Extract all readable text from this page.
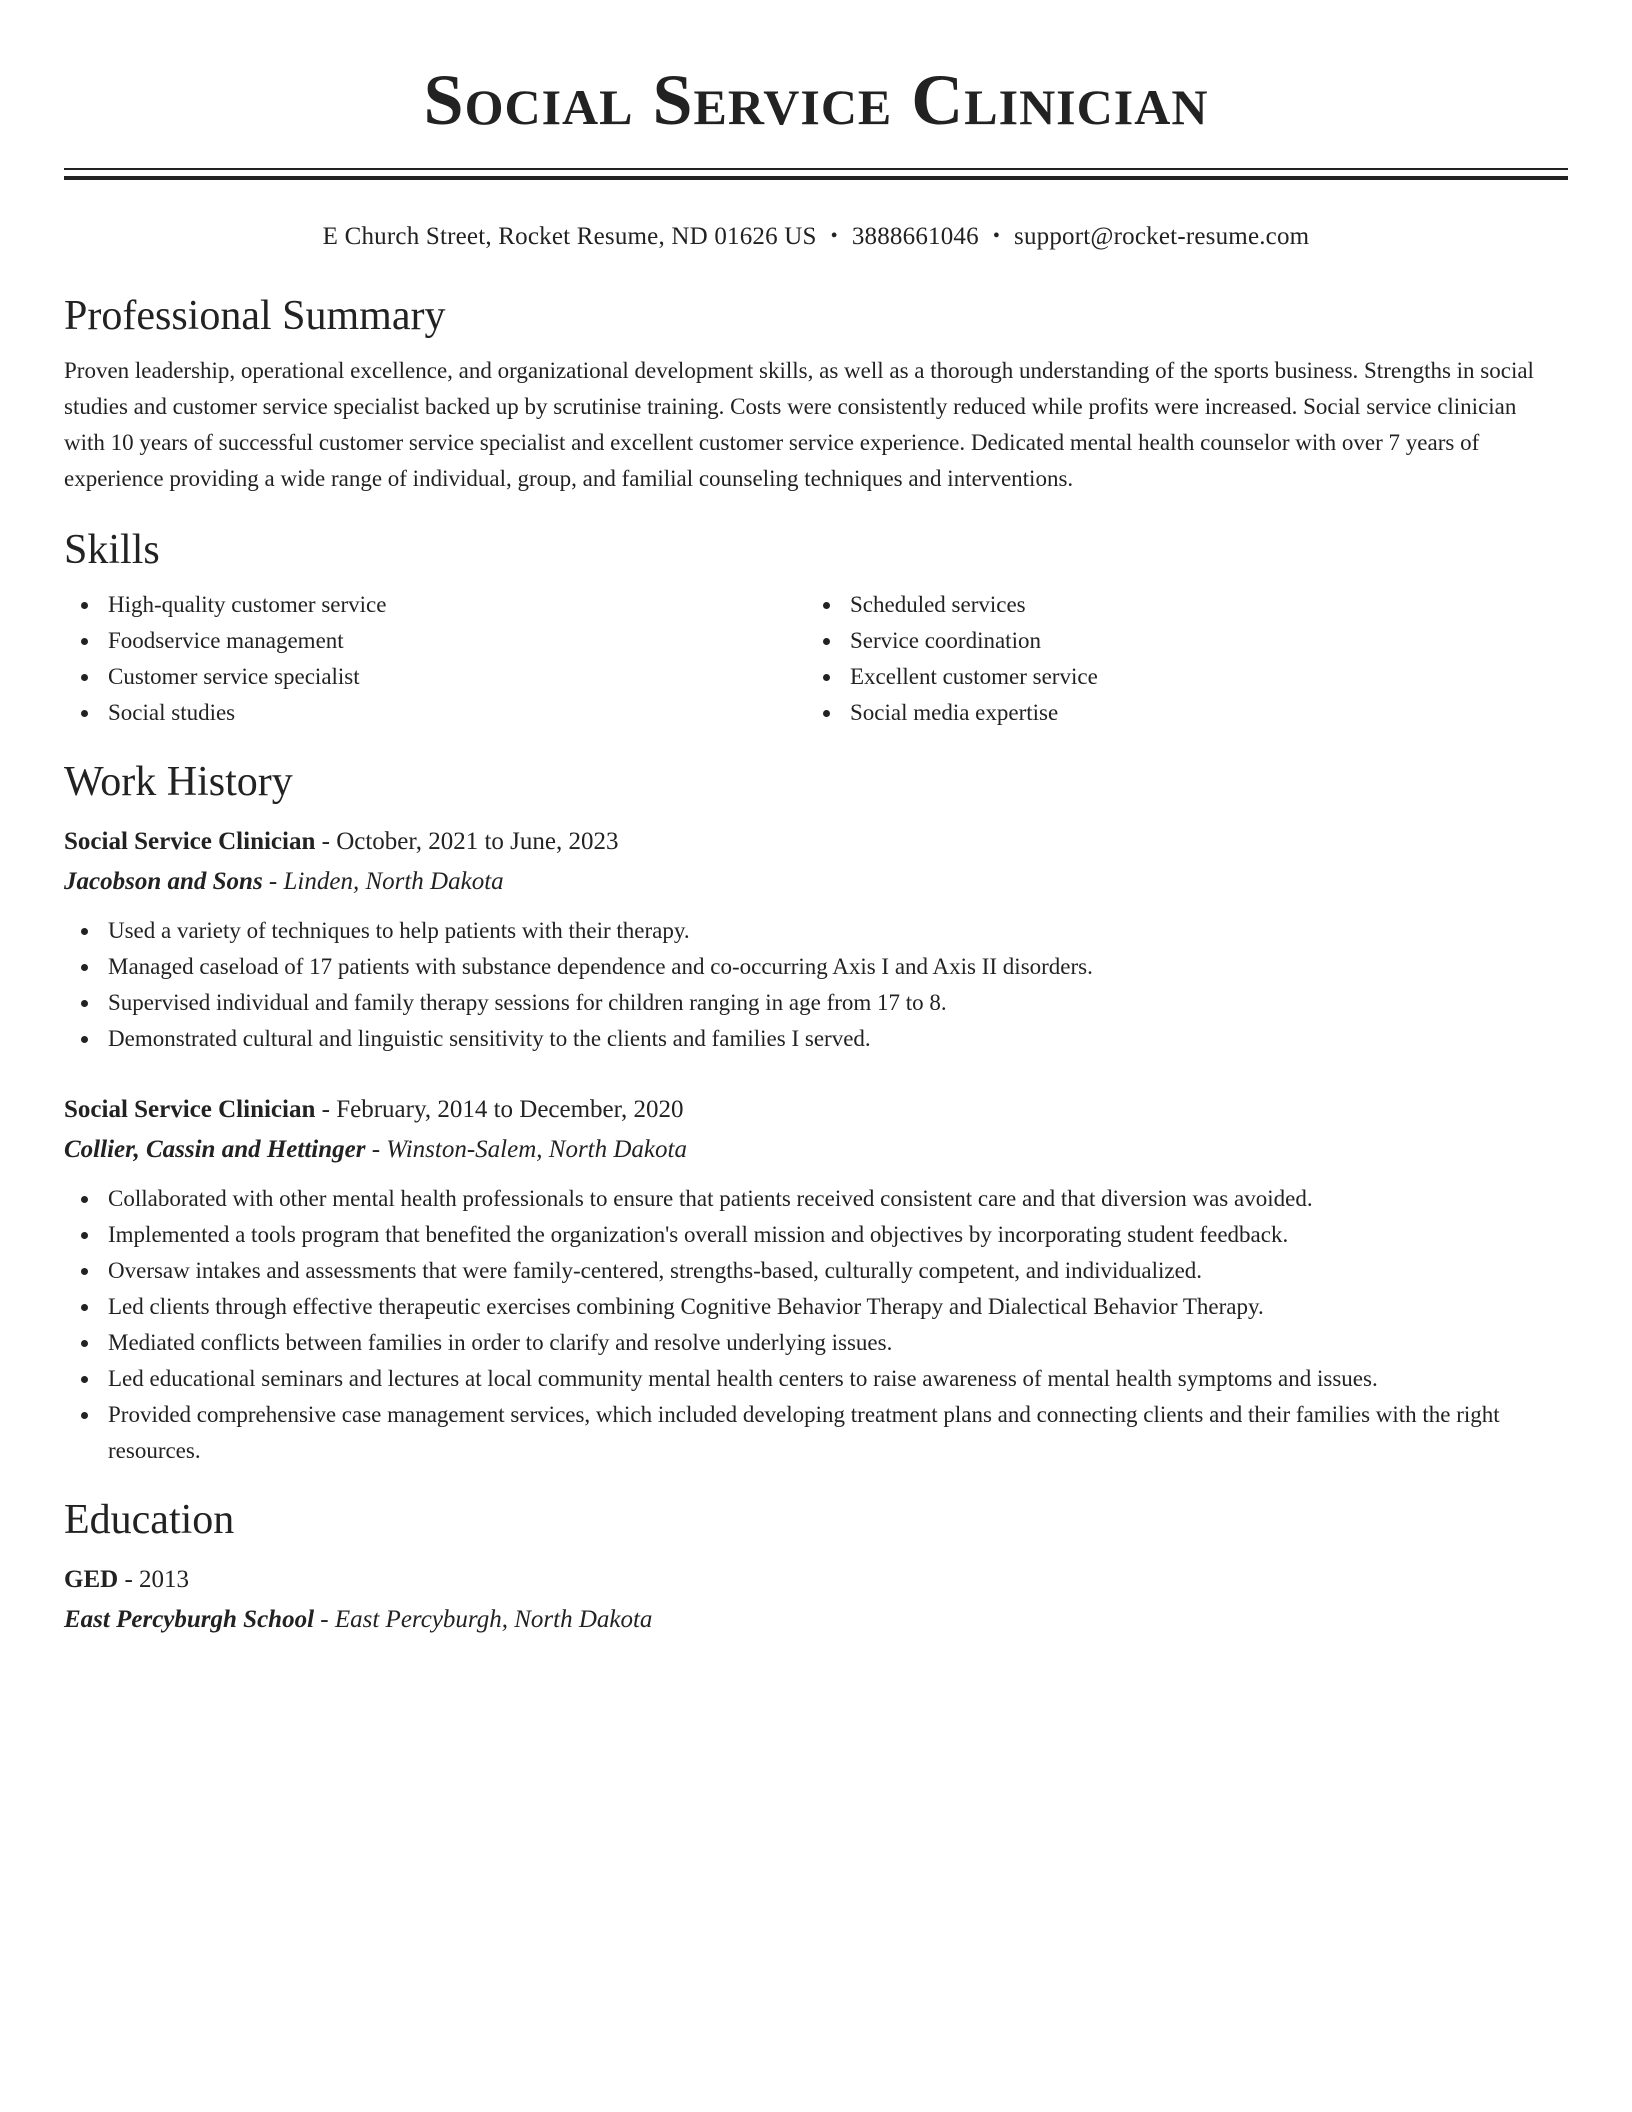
Social Service Clinician
E Church Street, Rocket Resume, ND 01626 US • 3888661046 • support@rocket-resume.com
Professional Summary

Proven leadership, operational excellence, and organizational development skills, as well as a thorough understanding of the sports business. Strengths in social studies and customer service specialist backed up by scrutinise training. Costs were consistently reduced while profits were increased. Social service clinician with 10 years of successful customer service specialist and excellent customer service experience. Dedicated mental health counselor with over 7 years of experience providing a wide range of individual, group, and familial counseling techniques and interventions.

Skills
High-quality customer service
Foodservice management
Customer service specialist
Social studies
Scheduled services
Service coordination
Excellent customer service
Social media expertise
Work History
Social Service Clinician - October, 2021 to June, 2023
Jacobson and Sons - Linden, North Dakota
Used a variety of techniques to help patients with their therapy.
Managed caseload of 17 patients with substance dependence and co-occurring Axis I and Axis II disorders.
Supervised individual and family therapy sessions for children ranging in age from 17 to 8.
Demonstrated cultural and linguistic sensitivity to the clients and families I served.
Social Service Clinician - February, 2014 to December, 2020
Collier, Cassin and Hettinger - Winston-Salem, North Dakota
Collaborated with other mental health professionals to ensure that patients received consistent care and that diversion was avoided.
Implemented a tools program that benefited the organization's overall mission and objectives by incorporating student feedback.
Oversaw intakes and assessments that were family-centered, strengths-based, culturally competent, and individualized.
Led clients through effective therapeutic exercises combining Cognitive Behavior Therapy and Dialectical Behavior Therapy.
Mediated conflicts between families in order to clarify and resolve underlying issues.
Led educational seminars and lectures at local community mental health centers to raise awareness of mental health symptoms and issues.
Provided comprehensive case management services, which included developing treatment plans and connecting clients and their families with the right resources.
Education
GED - 2013
East Percyburgh School - East Percyburgh, North Dakota
